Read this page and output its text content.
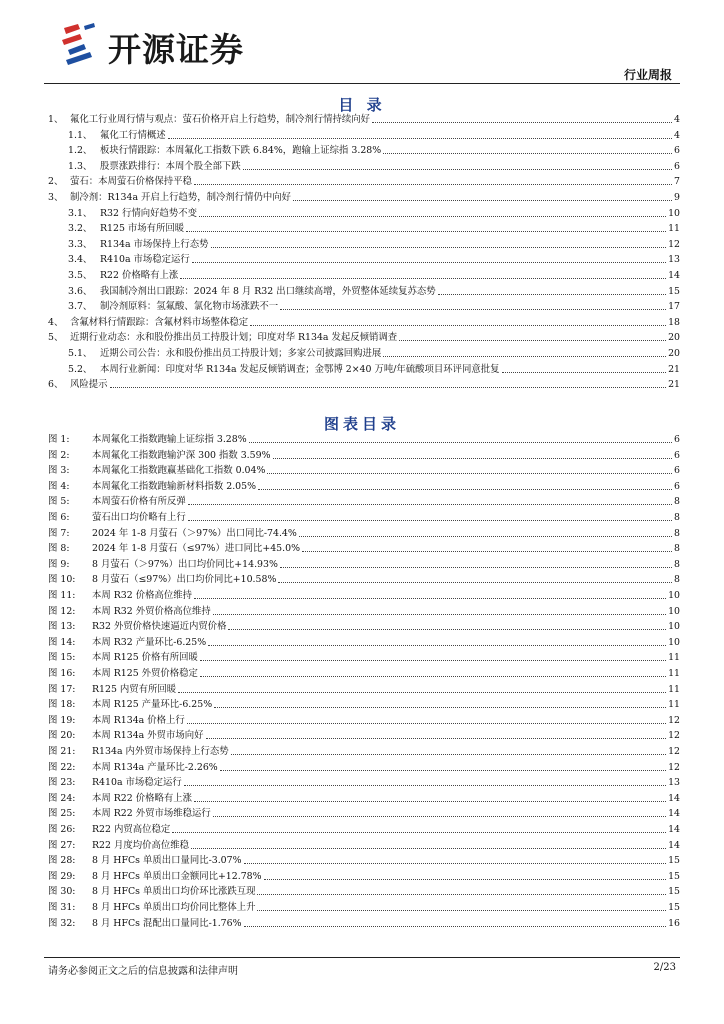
开源证券
行业周报
目 录
1、 氟化工行业周行情与观点：萤石价格开启上行趋势，制冷剂行情持续向好	4
1.1、 氟化工行情概述	4
1.2、 板块行情跟踪：本周氟化工指数下跌 6.84%，跑输上证综指 3.28%	6
1.3、 股票涨跌排行：本周个股全部下跌	6
2、 萤石：本周萤石价格保持平稳	7
3、 制冷剂：R134a 开启上行趋势，制冷剂行情仍中向好	9
3.1、 R32 行情向好趋势不变	10
3.2、 R125 市场有所回暖	11
3.3、 R134a 市场保持上行态势	12
3.4、 R410a 市场稳定运行	13
3.5、 R22 价格略有上涨	14
3.6、 我国制冷剂出口跟踪：2024 年 8 月 R32 出口继续高增，外贸整体延续复苏态势	15
3.7、 制冷剂原料：氢氟酸、氯化物市场涨跌不一	17
4、 含氟材料行情跟踪：含氟材料市场整体稳定	18
5、 近期行业动态：永和股份推出员工持股计划；印度对华 R134a 发起反倾销调查	20
5.1、 近期公司公告：永和股份推出员工持股计划；多家公司披露回购进展	20
5.2、 本周行业新闻：印度对华 R134a 发起反倾销调查；金鄂博 2×40 万吨/年硫酸项目环评同意批复	21
6、 风险提示	21
图表目录
图 1:	本周氟化工指数跑输上证综指 3.28%	6
图 2:	本周氟化工指数跑输沪深 300 指数 3.59%	6
图 3:	本周氟化工指数跑赢基础化工指数 0.04%	6
图 4:	本周氟化工指数跑输新材料指数 2.05%	6
图 5:	本周萤石价格有所反弹	8
图 6:	萤石出口均价略有上行	8
图 7:	2024 年 1-8 月萤石（＞97%）出口同比-74.4%	8
图 8:	2024 年 1-8 月萤石（≤97%）进口同比+45.0%	8
图 9:	8 月萤石（＞97%）出口均价同比+14.93%	8
图 10:	8 月萤石（≤97%）出口均价同比+10.58%	8
图 11:	本周 R32 价格高位维持	10
图 12:	本周 R32 外贸价格高位维持	10
图 13:	R32 外贸价格快速逼近内贸价格	10
图 14:	本周 R32 产量环比-6.25%	10
图 15:	本周 R125 价格有所回暖	11
图 16:	本周 R125 外贸价格稳定	11
图 17:	R125 内贸有所回暖	11
图 18:	本周 R125 产量环比-6.25%	11
图 19:	本周 R134a 价格上行	12
图 20:	本周 R134a 外贸市场向好	12
图 21:	R134a 内外贸市场保持上行态势	12
图 22:	本周 R134a 产量环比-2.26%	12
图 23:	R410a 市场稳定运行	13
图 24:	本周 R22 价格略有上涨	14
图 25:	本周 R22 外贸市场维稳运行	14
图 26:	R22 内贸高位稳定	14
图 27:	R22 月度均价高位维稳	14
图 28:	8 月 HFCs 单质出口量同比-3.07%	15
图 29:	8 月 HFCs 单质出口金额同比+12.78%	15
图 30:	8 月 HFCs 单质出口均价环比涨跌互现	15
图 31:	8 月 HFCs 单质出口均价同比整体上升	15
图 32:	8 月 HFCs 混配出口量同比-1.76%	16
请务必参阅正文之后的信息披露和法律声明	2/23
